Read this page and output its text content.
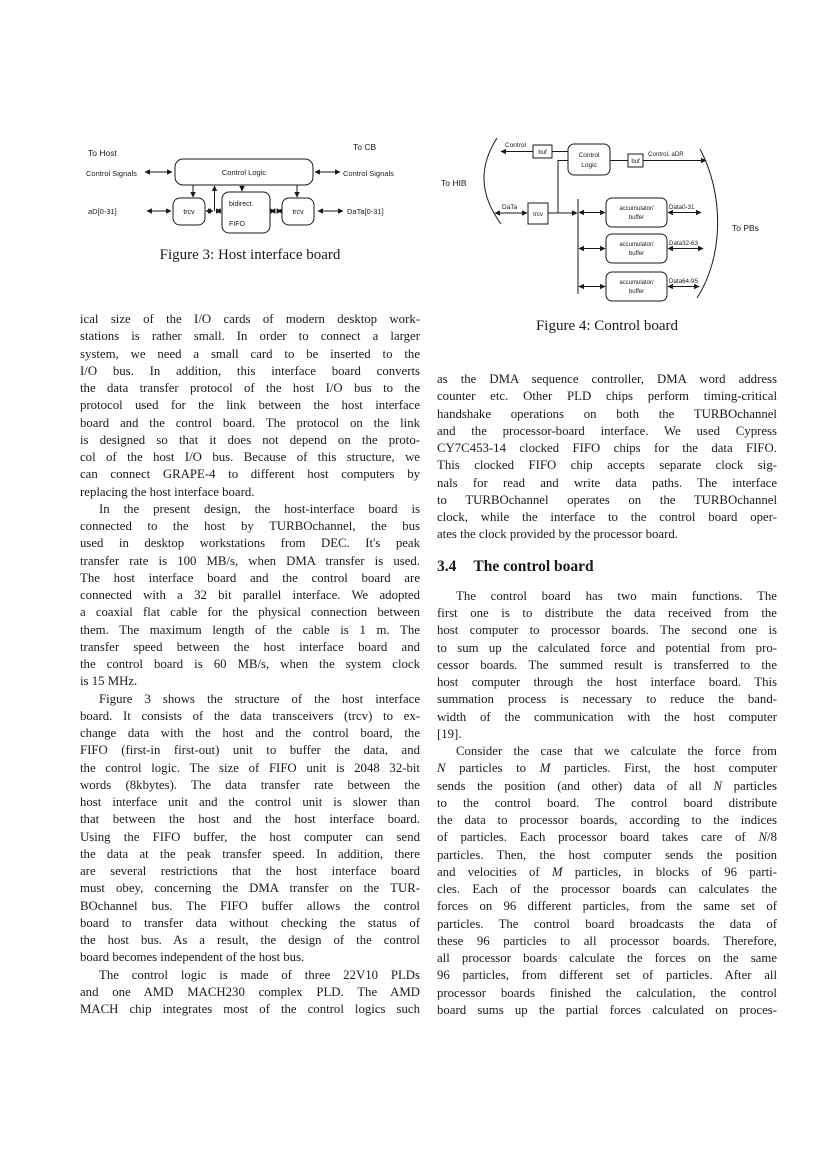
To Host
To CB
Control Signals	Control Signals
Control Logic
trcv	trcv
bidirect.
FIFO
aD[0-31]	DaTa[0-31]
Figure 3: Host interface board
To HIB
To PBs
Control
buf
buf
Control
Logic
Control, aDR
DaTa
trcv
accumulator/
buffer
accumulator/
buffer
accumulator/
buffer
Data0-31
Data32-63
Data64-95
Figure 4: Control board
ical size of the I/O cards of modern desktop work-
stations is rather small. In order to connect a larger
system, we need a small card to be inserted to the
I/O bus. In addition, this interface board converts
the data transfer protocol of the host I/O bus to the
protocol used for the link between the host interface
board and the control board. The protocol on the link
is designed so that it does not depend on the proto-
col of the host I/O bus. Because of this structure, we
can connect GRAPE-4 to different host computers by
replacing the host interface board.
In the present design, the host-interface board is
connected to the host by TURBOchannel, the bus
used in desktop workstations from DEC. It's peak
transfer rate is 100 MB/s, when DMA transfer is used.
The host interface board and the control board are
connected with a 32 bit parallel interface. We adopted
a coaxial flat cable for the physical connection between
them. The maximum length of the cable is 1 m. The
transfer speed between the host interface board and
the control board is 60 MB/s, when the system clock
is 15 MHz.
Figure 3 shows the structure of the host interface
board. It consists of the data transceivers (trcv) to ex-
change data with the host and the control board, the
FIFO (first-in first-out) unit to buffer the data, and
the control logic. The size of FIFO unit is 2048 32-bit
words (8kbytes). The data transfer rate between the
host interface unit and the control unit is slower than
that between the host and the host interface board.
Using the FIFO buffer, the host computer can send
the data at the peak transfer speed. In addition, there
are several restrictions that the host interface board
must obey, concerning the DMA transfer on the TUR-
BOchannel bus. The FIFO buffer allows the control
board to transfer data without checking the status of
the host bus. As a result, the design of the control
board becomes independent of the host bus.
The control logic is made of three 22V10 PLDs
and one AMD MACH230 complex PLD. The AMD
MACH chip integrates most of the control logics such
as the DMA sequence controller, DMA word address
counter etc. Other PLD chips perform timing-critical
handshake operations on both the TURBOchannel
and the processor-board interface. We used Cypress
CY7C453-14 clocked FIFO chips for the data FIFO.
This clocked FIFO chip accepts separate clock sig-
nals for read and write data paths. The interface
to TURBOchannel operates on the TURBOchannel
clock, while the interface to the control board oper-
ates the clock provided by the processor board.
3.4 The control board
The control board has two main functions. The
first one is to distribute the data received from the
host computer to processor boards. The second one is
to sum up the calculated force and potential from pro-
cessor boards. The summed result is transferred to the
host computer through the host interface board. This
summation process is necessary to reduce the band-
width of the communication with the host computer
[19].
Consider the case that we calculate the force from
N particles to M particles. First, the host computer
sends the position (and other) data of all N particles
to the control board. The control board distribute
the data to processor boards, according to the indices
of particles. Each processor board takes care of N/8
particles. Then, the host computer sends the position
and velocities of M particles, in blocks of 96 parti-
cles. Each of the processor boards can calculates the
forces on 96 different particles, from the same set of
particles. The control board broadcasts the data of
these 96 particles to all processor boards. Therefore,
all processor boards calculate the forces on the same
96 particles, from different set of particles. After all
processor boards finished the calculation, the control
board sums up the partial forces calculated on proces-
